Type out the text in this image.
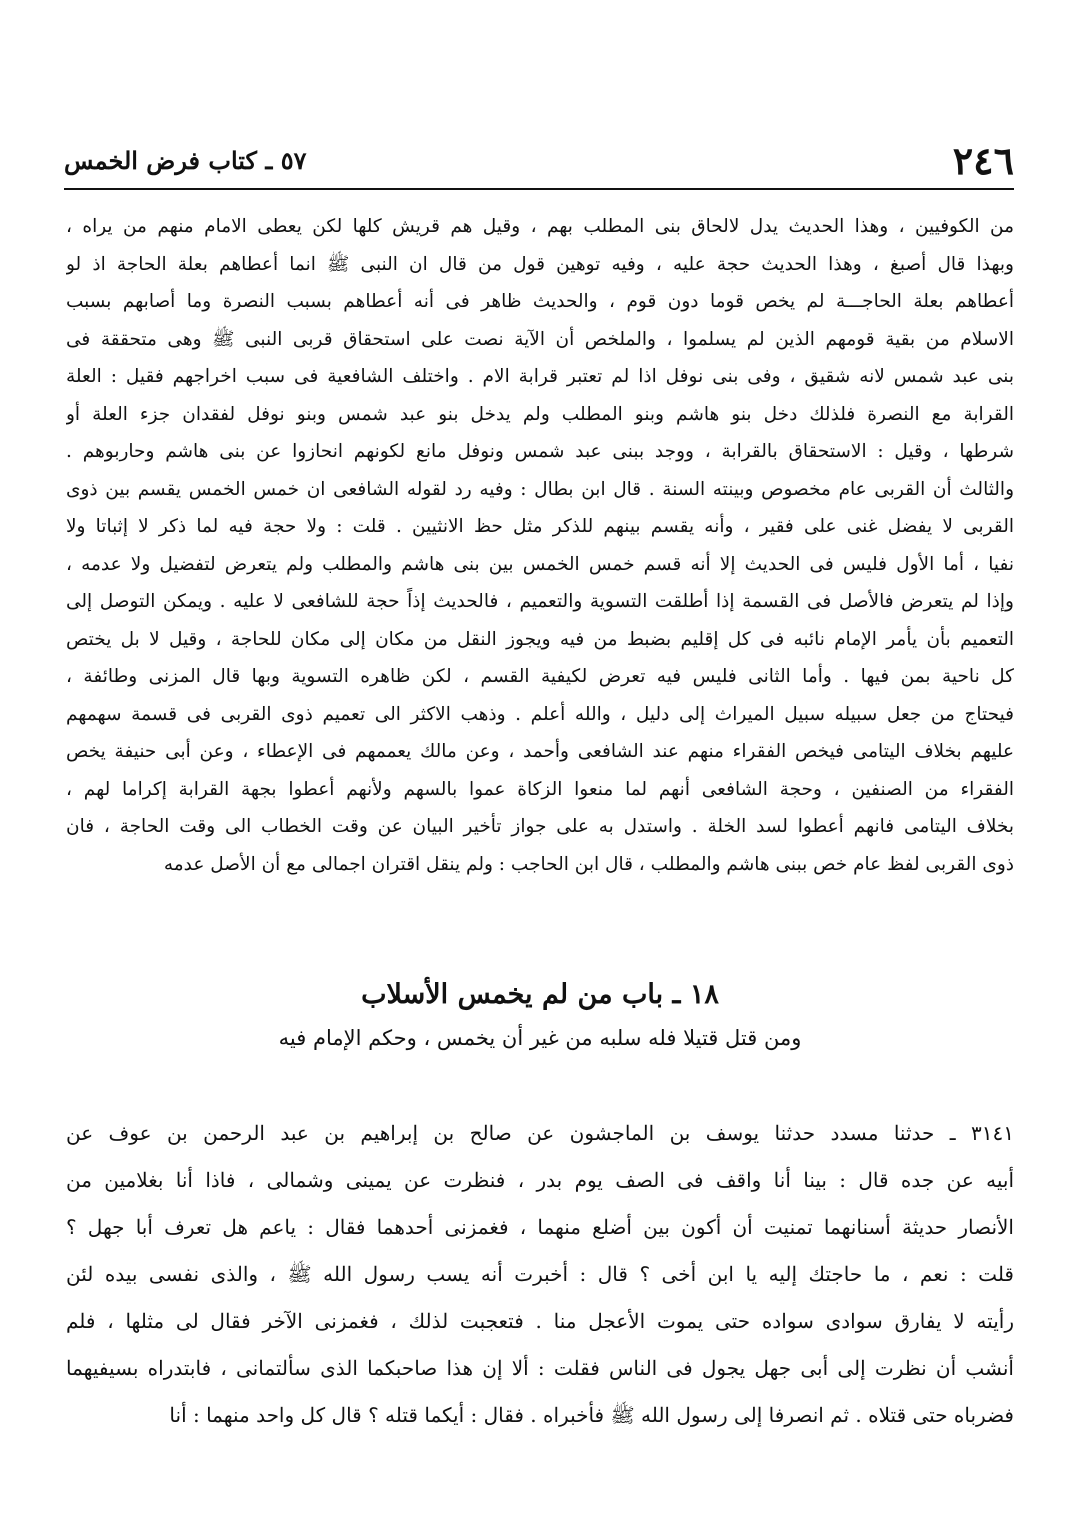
٢٤٦
٥٧ ـ كتاب فرض الخمس
من الكوفيين ، وهذا الحديث يدل لالحاق بنى المطلب بهم ، وقيل هم قريش كلها لكن يعطى الامام منهم من يراه ،
وبهذا قال أصبغ ، وهذا الحديث حجة عليه ، وفيه توهين قول من قال ان النبى ﷺ انما أعطاهم بعلة الحاجة اذ لو
أعطاهم بعلة الحاجـــة لم يخص قوما دون قوم ، والحديث ظاهر فى أنه أعطاهم بسبب النصرة وما أصابهم بسبب
الاسلام من بقية قومهم الذين لم يسلموا ، والملخص أن الآية نصت على استحقاق قربى النبى ﷺ وهى متحققة فى
بنى عبد شمس لانه شقيق ، وفى بنى نوفل اذا لم تعتبر قرابة الام . واختلف الشافعية فى سبب اخراجهم فقيل : العلة
القرابة مع النصرة فلذلك دخل بنو هاشم وبنو المطلب ولم يدخل بنو عبد شمس وبنو نوفل لفقدان جزء العلة أو
شرطها ، وقيل : الاستحقاق بالقرابة ، ووجد ببنى عبد شمس ونوفل مانع لكونهم انحازوا عن بنى هاشم وحاربوهم .
والثالث أن القربى عام مخصوص وبينته السنة . قال ابن بطال : وفيه رد لقوله الشافعى ان خمس الخمس يقسم بين ذوى
القربى لا يفضل غنى على فقير ، وأنه يقسم بينهم للذكر مثل حظ الانثيين . قلت : ولا حجة فيه لما ذكر لا إثباتا ولا
نفيا ، أما الأول فليس فى الحديث إلا أنه قسم خمس الخمس بين بنى هاشم والمطلب ولم يتعرض لتفضيل ولا عدمه ،
وإذا لم يتعرض فالأصل فى القسمة إذا أطلقت التسوية والتعميم ، فالحديث إذاً حجة للشافعى لا عليه . ويمكن التوصل إلى
التعميم بأن يأمر الإمام نائبه فى كل إقليم بضبط من فيه ويجوز النقل من مكان إلى مكان للحاجة ، وقيل لا بل يختص
كل ناحية بمن فيها . وأما الثانى فليس فيه تعرض لكيفية القسم ، لكن ظاهره التسوية وبها قال المزنى وطائفة ،
فيحتاج من جعل سبيله سبيل الميراث إلى دليل ، والله أعلم . وذهب الاكثر الى تعميم ذوى القربى فى قسمة سهمهم
عليهم بخلاف اليتامى فيخص الفقراء منهم عند الشافعى وأحمد ، وعن مالك يعممهم فى الإعطاء ، وعن أبى حنيفة يخص
الفقراء من الصنفين ، وحجة الشافعى أنهم لما منعوا الزكاة عموا بالسهم ولأنهم أعطوا بجهة القرابة إكراما لهم ،
بخلاف اليتامى فانهم أعطوا لسد الخلة . واستدل به على جواز تأخير البيان عن وقت الخطاب الى وقت الحاجة ، فان
ذوى القربى لفظ عام خص ببنى هاشم والمطلب ، قال ابن الحاجب : ولم ينقل اقتران اجمالى مع أن الأصل عدمه
١٨ ـ باب من لم يخمس الأسلاب
ومن قتل قتيلا فله سلبه من غير أن يخمس ، وحكم الإمام فيه
٣١٤١ ـ حدثنا مسدد حدثنا يوسف بن الماجشون عن صالح بن إبراهيم بن عبد الرحمن بن عوف عن
أبيه عن جده قال : بينا أنا واقف فى الصف يوم بدر ، فنظرت عن يمينى وشمالى ، فاذا أنا بغلامين من
الأنصار حديثة أسنانهما تمنيت أن أكون بين أضلع منهما ، فغمزنى أحدهما فقال : ياعم هل تعرف أبا جهل ؟
قلت : نعم ، ما حاجتك إليه يا ابن أخى ؟ قال : أخبرت أنه يسب رسول الله ﷺ ، والذى نفسى بيده لئن
رأيته لا يفارق سوادى سواده حتى يموت الأعجل منا . فتعجبت لذلك ، فغمزنى الآخر فقال لى مثلها ، فلم
أنشب أن نظرت إلى أبى جهل يجول فى الناس فقلت : ألا إن هذا صاحبكما الذى سألتمانى ، فابتدراه بسيفيهما
فضرباه حتى قتلاه . ثم انصرفا إلى رسول الله ﷺ فأخبراه . فقال : أيكما قتله ؟ قال كل واحد منهما : أنا
